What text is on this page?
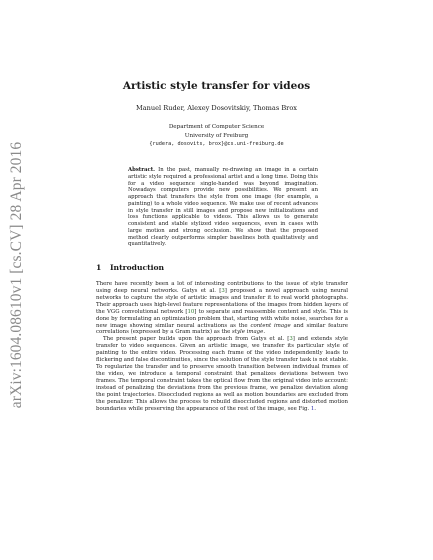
arXiv:1604.08610v1 [cs.CV] 28 Apr 2016
Artistic style transfer for videos
Manuel Ruder, Alexey Dosovitskiy, Thomas Brox
Department of Computer Science
University of Freiburg
{rudera, dosovits, brox}@cs.uni-freiburg.de
Abstract. In the past, manually re-drawing an image in a certain artistic style required a professional artist and a long time. Doing this for a video sequence single-handed was beyond imagination. Nowadays computers provide new possibilities. We present an approach that transfers the style from one image (for example, a painting) to a whole video sequence. We make use of recent advances in style transfer in still images and propose new initializations and loss functions applicable to videos. This allows us to generate consistent and stable stylized video sequences, even in cases with large motion and strong occlusion. We show that the proposed method clearly outperforms simpler baselines both qualitatively and quantitatively.
1 Introduction

There have recently been a lot of interesting contributions to the issue of style transfer using deep neural networks. Gatys et al. [3] proposed a novel approach using neural networks to capture the style of artistic images and transfer it to real world photographs. Their approach uses high-level feature representations of the images from hidden layers of the VGG convolutional network [10] to separate and reassemble content and style. This is done by formulating an optimization problem that, starting with white noise, searches for a new image showing similar neural activations as the content image and similar feature correlations (expressed by a Gram matrix) as the style image.

The present paper builds upon the approach from Gatys et al. [3] and extends style transfer to video sequences. Given an artistic image, we transfer its particular style of painting to the entire video. Processing each frame of the video independently leads to flickering and false discontinuities, since the solution of the style transfer task is not stable. To regularize the transfer and to preserve smooth transition between individual frames of the video, we introduce a temporal constraint that penalizes deviations between two frames. The temporal constraint takes the optical flow from the original video into account: instead of penalizing the deviations from the previous frame, we penalize deviation along the point trajectories. Disoccluded regions as well as motion boundaries are excluded from the penalizer. This allows the process to rebuild disoccluded regions and distorted motion boundaries while preserving the appearance of the rest of the image, see Fig. 1.
